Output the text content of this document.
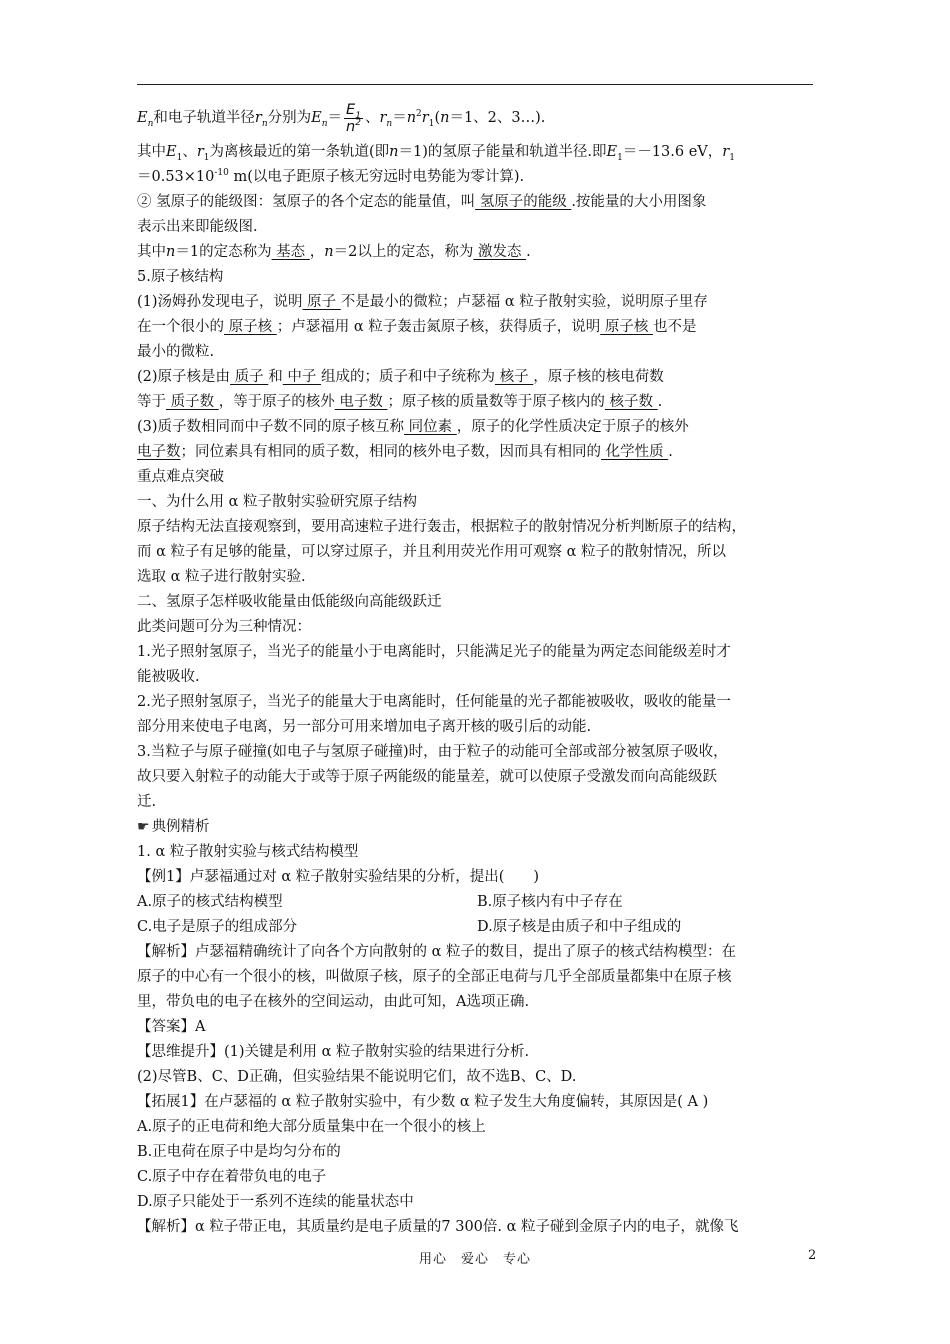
$E_n$和电子轨道半径$r_n$分别为$E_n= \frac{E_1}{n^2}$ 、$r_n=n^2r_1(n=1$、2、3…).
其中$E_1$、$r_1$为离核最近的第一条轨道(即n＝1)的氢原子能量和轨道半径.即$E_1=-13.6$ eV，$r_1$
$=0.53\times 10^{-10}$ m(以电子距原子核无穷远时电势能为零计算).
② 氢原子的能级图：氢原子的各个定态的能量值，叫 氢原子的能级 .按能量的大小用图象
表示出来即能级图.
其中n＝1的定态称为 基态 ，n＝2以上的定态，称为 激发态 .
5.原子核结构
(1)汤姆孙发现电子，说明 原子 不是最小的微粒；卢瑟福 α 粒子散射实验，说明原子里存
在一个很小的 原子核 ；卢瑟福用 α 粒子轰击氮原子核，获得质子，说明 原子核 也不是
最小的微粒.
(2)原子核是由 质子 和 中子 组成的；质子和中子统称为 核子 ，原子核的核电荷数
等于 质子数 ，等于原子的核外 电子数 ；原子核的质量数等于原子核内的 核子数 .
(3)质子数相同而中子数不同的原子核互称 同位素 ，原子的化学性质决定于原子的核外
电子数；同位素具有相同的质子数，相同的核外电子数，因而具有相同的 化学性质 .
重点难点突破
一、为什么用 α 粒子散射实验研究原子结构
原子结构无法直接观察到，要用高速粒子进行轰击，根据粒子的散射情况分析判断原子的结构，
而 α 粒子有足够的能量，可以穿过原子，并且利用荧光作用可观察 α 粒子的散射情况，所以
选取 α 粒子进行散射实验.
二、氢原子怎样吸收能量由低能级向高能级跃迁
此类问题可分为三种情况：
1.光子照射氢原子，当光子的能量小于电离能时，只能满足光子的能量为两定态间能级差时才
能被吸收.
2.光子照射氢原子，当光子的能量大于电离能时，任何能量的光子都能被吸收，吸收的能量一
部分用来使电子电离，另一部分可用来增加电子离开核的吸引后的动能.
3.当粒子与原子碰撞(如电子与氢原子碰撞)时，由于粒子的动能可全部或部分被氢原子吸收，
故只要入射粒子的动能大于或等于原子两能级的能量差，就可以使原子受激发而向高能级跃
迁.
☛ 典例精析
1. α 粒子散射实验与核式结构模型
【例1】卢瑟福通过对 α 粒子散射实验结果的分析，提出(　　)
A.原子的核式结构模型	B.原子核内有中子存在
C.电子是原子的组成部分	D.原子核是由质子和中子组成的
【解析】卢瑟福精确统计了向各个方向散射的 α 粒子的数目，提出了原子的核式结构模型：在
原子的中心有一个很小的核，叫做原子核，原子的全部正电荷与几乎全部质量都集中在原子核
里，带负电的电子在核外的空间运动，由此可知，A选项正确.
【答案】A
【思维提升】(1)关键是利用 α 粒子散射实验的结果进行分析.
(2)尽管B、C、D正确，但实验结果不能说明它们，故不选B、C、D.
【拓展1】在卢瑟福的 α 粒子散射实验中，有少数 α 粒子发生大角度偏转，其原因是( A )
A.原子的正电荷和绝大部分质量集中在一个很小的核上
B.正电荷在原子中是均匀分布的
C.原子中存在着带负电的电子
D.原子只能处于一系列不连续的能量状态中
【解析】α 粒子带正电，其质量约是电子质量的7 300倍. α 粒子碰到金原子内的电子，就像飞
用心　爱心　专心	2
